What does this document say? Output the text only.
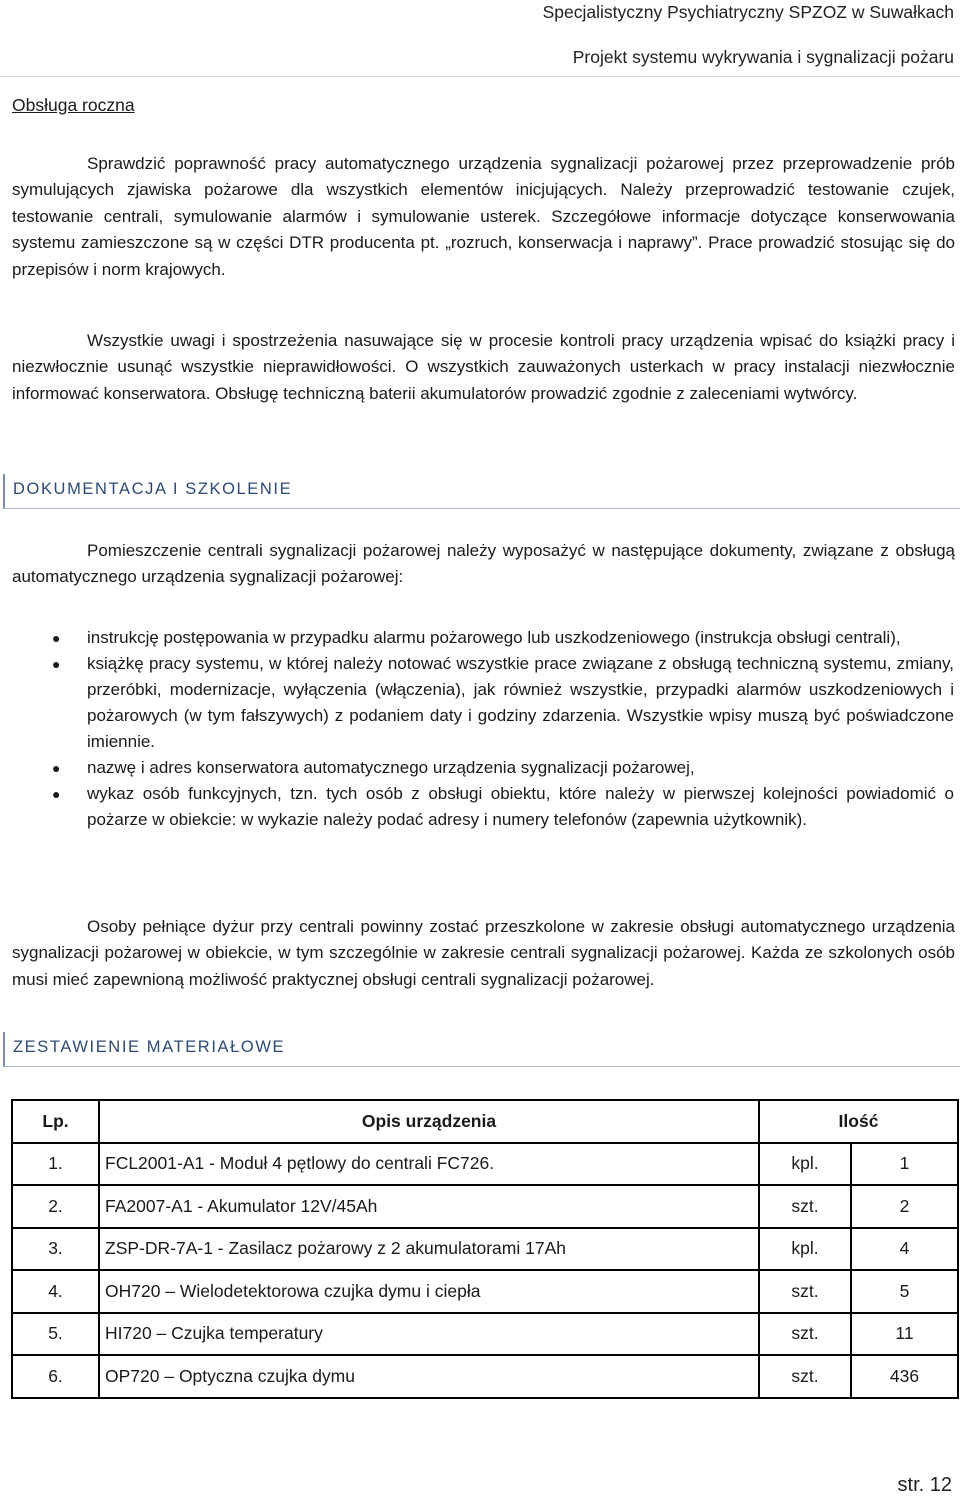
Specjalistyczny Psychiatryczny SPZOZ w Suwałkach
Projekt systemu wykrywania i sygnalizacji pożaru
Obsługa roczna
Sprawdzić poprawność pracy automatycznego urządzenia sygnalizacji pożarowej przez przeprowadzenie prób symulujących zjawiska pożarowe dla wszystkich elementów inicjujących. Należy przeprowadzić testowanie czujek, testowanie centrali, symulowanie alarmów i symulowanie usterek. Szczegółowe informacje dotyczące konserwowania systemu zamieszczone są w części DTR producenta pt. „rozruch, konserwacja i naprawy”. Prace prowadzić stosując się do przepisów i norm krajowych.
Wszystkie uwagi i spostrzeżenia nasuwające się w procesie kontroli pracy urządzenia wpisać do książki pracy i niezwłocznie usunąć wszystkie nieprawidłowości. O wszystkich zauważonych usterkach w pracy instalacji niezwłocznie informować konserwatora. Obsługę techniczną baterii akumulatorów prowadzić zgodnie z zaleceniami wytwórcy.
DOKUMENTACJA I SZKOLENIE
Pomieszczenie centrali sygnalizacji pożarowej należy wyposażyć w następujące dokumenty, związane z obsługą automatycznego urządzenia sygnalizacji pożarowej:
● instrukcję postępowania w przypadku alarmu pożarowego lub uszkodzeniowego (instrukcja obsługi centrali),
● książkę pracy systemu, w której należy notować wszystkie prace związane z obsługą techniczną systemu, zmiany, przeróbki, modernizacje, wyłączenia (włączenia), jak również wszystkie, przypadki alarmów uszkodzeniowych i pożarowych (w tym fałszywych) z podaniem daty i godziny zdarzenia. Wszystkie wpisy muszą być poświadczone imiennie.
● nazwę i adres konserwatora automatycznego urządzenia sygnalizacji pożarowej,
● wykaz osób funkcyjnych, tzn. tych osób z obsługi obiektu, które należy w pierwszej kolejności powiadomić o pożarze w obiekcie: w wykazie należy podać adresy i numery telefonów (zapewnia użytkownik).
Osoby pełniące dyżur przy centrali powinny zostać przeszkolone w zakresie obsługi automatycznego urządzenia sygnalizacji pożarowej w obiekcie, w tym szczególnie w zakresie centrali sygnalizacji pożarowej. Każda ze szkolonych osób musi mieć zapewnioną możliwość praktycznej obsługi centrali sygnalizacji pożarowej.
ZESTAWIENIE MATERIAŁOWE
Lp.	Opis urządzenia	Ilość	
1.	FCL2001-A1 - Moduł 4 pętlowy do centrali FC726.	kpl.	1
2.	FA2007-A1 - Akumulator 12V/45Ah	szt.	2
3.	ZSP-DR-7A-1 - Zasilacz pożarowy z 2 akumulatorami 17Ah	kpl.	4
4.	OH720 – Wielodetektorowa czujka dymu i ciepła	szt.	5
5.	HI720 – Czujka temperatury	szt.	11
6.	OP720 – Optyczna czujka dymu	szt.	436
str. 12
